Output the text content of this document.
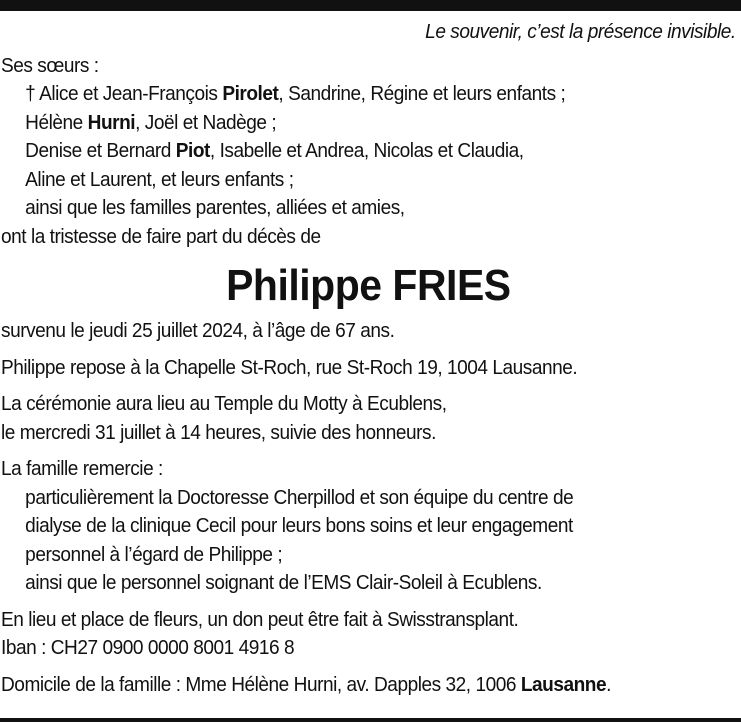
Le souvenir, c’est la présence invisible.
Ses sœurs :
† Alice et Jean-François Pirolet, Sandrine, Régine et leurs enfants ;
Hélène Hurni, Joël et Nadège ;
Denise et Bernard Piot, Isabelle et Andrea, Nicolas et Claudia,
Aline et Laurent, et leurs enfants ;
ainsi que les familles parentes, alliées et amies,
ont la tristesse de faire part du décès de
Philippe FRIES
survenu le jeudi 25 juillet 2024, à l’âge de 67 ans.
Philippe repose à la Chapelle St-Roch, rue St-Roch 19, 1004 Lausanne.
La cérémonie aura lieu au Temple du Motty à Ecublens,
le mercredi 31 juillet à 14 heures, suivie des honneurs.
La famille remercie :
particulièrement la Doctoresse Cherpillod et son équipe du centre de
dialyse de la clinique Cecil pour leurs bons soins et leur engagement
personnel à l’égard de Philippe ;
ainsi que le personnel soignant de l’EMS Clair-Soleil à Ecublens.
En lieu et place de fleurs, un don peut être fait à Swisstransplant.
Iban : CH27 0900 0000 8001 4916 8
Domicile de la famille : Mme Hélène Hurni, av. Dapples 32, 1006 Lausanne.
